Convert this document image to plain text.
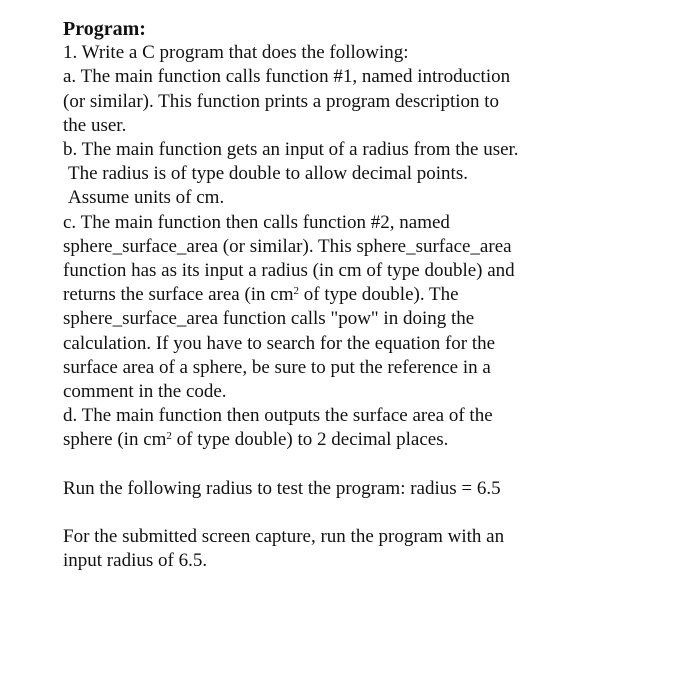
Program:
1. Write a C program that does the following:
a. The main function calls function #1, named introduction
(or similar). This function prints a program description to
the user.
b. The main function gets an input of a radius from the user.
The radius is of type double to allow decimal points.
Assume units of cm.
c. The main function then calls function #2, named
sphere_surface_area (or similar). This sphere_surface_area
function has as its input a radius (in cm of type double) and
returns the surface area (in $cm^2$ of type double). The
sphere_surface_area function calls "pow" in doing the
calculation. If you have to search for the equation for the
surface area of a sphere, be sure to put the reference in a
comment in the code.
d. The main function then outputs the surface area of the
sphere (in $cm^2$ of type double) to 2 decimal places.
Run the following radius to test the program: radius = 6.5
For the submitted screen capture, run the program with an
input radius of 6.5.
